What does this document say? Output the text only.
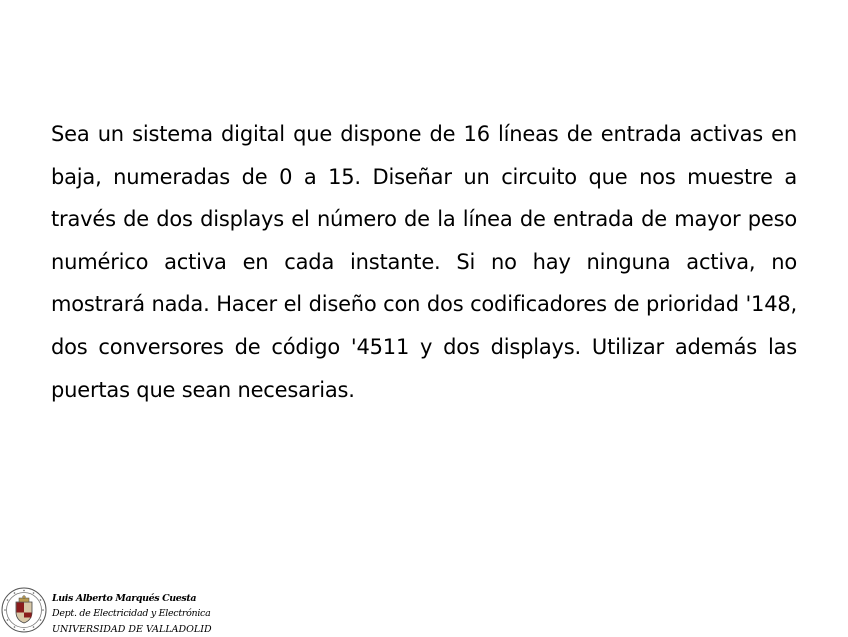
Sea un sistema digital que dispone de 16 líneas de entrada activas en baja, numeradas de 0 a 15. Diseñar un circuito que nos muestre a través de dos displays el número de la línea de entrada de mayor peso numérico activa en cada instante. Si no hay ninguna activa, no mostrará nada. Hacer el diseño con dos codificadores de prioridad '148, dos conversores de código '4511 y dos displays. Utilizar además las puertas que sean necesarias.

Luis Alberto Marqués Cuesta
Dept. de Electricidad y Electrónica
UNIVERSIDAD DE VALLADOLID
